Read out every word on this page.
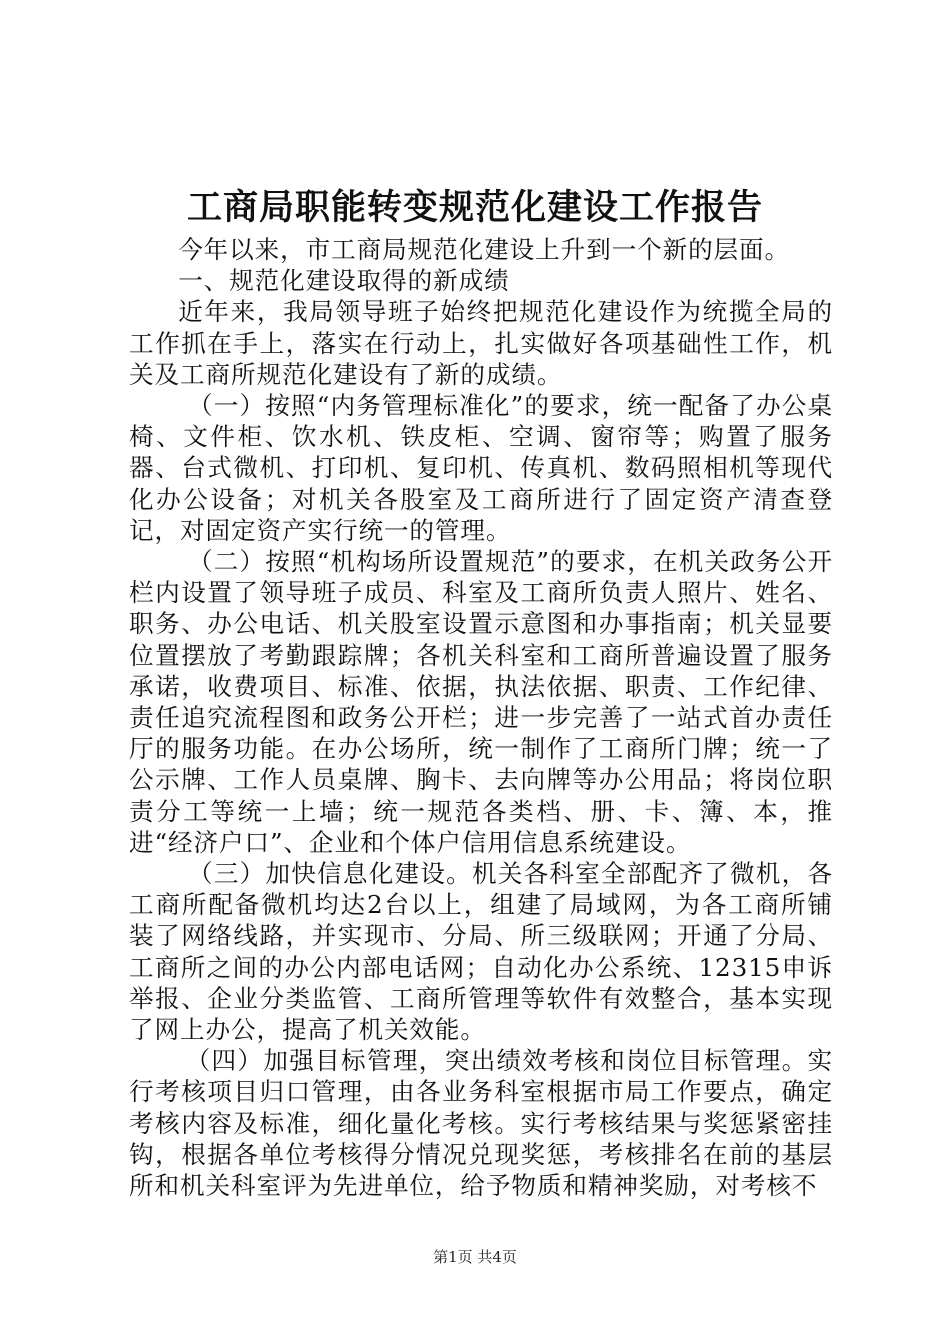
工商局职能转变规范化建设工作报告

今年以来，市工商局规范化建设上升到一个新的层面。

一、规范化建设取得的新成绩

近年来，我局领导班子始终把规范化建设作为统揽全局的工作抓在手上，落实在行动上，扎实做好各项基础性工作，机关及工商所规范化建设有了新的成绩。

（一）按照“内务管理标准化”的要求，统一配备了办公桌椅、文件柜、饮水机、铁皮柜、空调、窗帘等；购置了服务器、台式微机、打印机、复印机、传真机、数码照相机等现代化办公设备；对机关各股室及工商所进行了固定资产清查登记，对固定资产实行统一的管理。

（二）按照“机构场所设置规范”的要求，在机关政务公开栏内设置了领导班子成员、科室及工商所负责人照片、姓名、职务、办公电话、机关股室设置示意图和办事指南；机关显要位置摆放了考勤跟踪牌；各机关科室和工商所普遍设置了服务承诺，收费项目、标准、依据，执法依据、职责、工作纪律、责任追究流程图和政务公开栏；进一步完善了一站式首办责任厅的服务功能。在办公场所，统一制作了工商所门牌；统一了公示牌、工作人员桌牌、胸卡、去向牌等办公用品；将岗位职责分工等统一上墙；统一规范各类档、册、卡、簿、本，推进“经济户口”、企业和个体户信用信息系统建设。

（三）加快信息化建设。机关各科室全部配齐了微机，各工商所配备微机均达2台以上，组建了局域网，为各工商所铺装了网络线路，并实现市、分局、所三级联网；开通了分局、工商所之间的办公内部电话网；自动化办公系统、12315申诉举报、企业分类监管、工商所管理等软件有效整合，基本实现了网上办公，提高了机关效能。

（四）加强目标管理，突出绩效考核和岗位目标管理。实行考核项目归口管理，由各业务科室根据市局工作要点，确定考核内容及标准，细化量化考核。实行考核结果与奖惩紧密挂钩，根据各单位考核得分情况兑现奖惩，考核排名在前的基层所和机关科室评为先进单位，给予物质和精神奖励，对考核不

第1页 共4页
